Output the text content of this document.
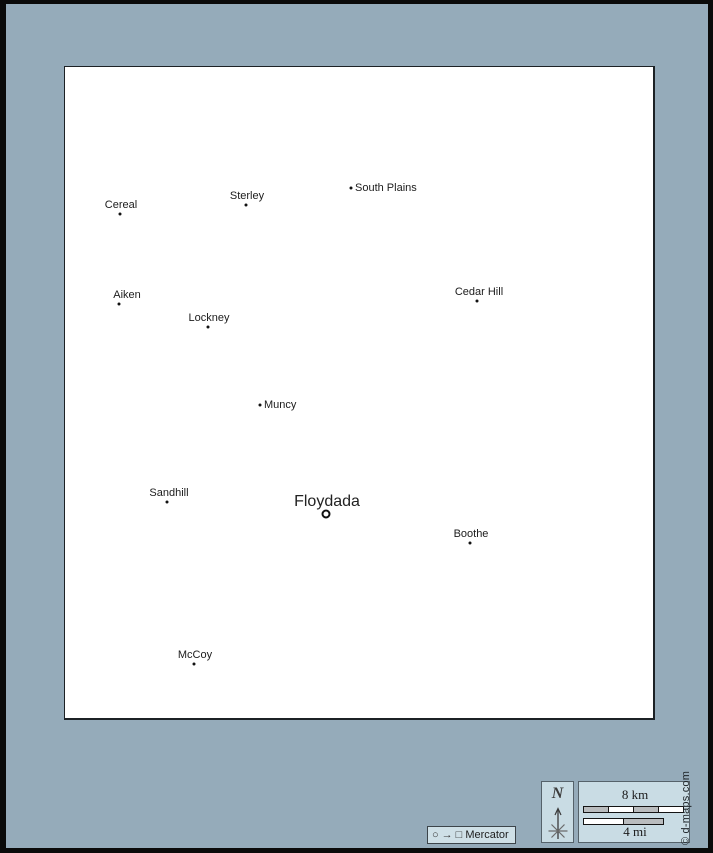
Cereal
Sterley
South Plains
Aiken
Lockney
Cedar Hill
Muncy
Sandhill	Floydada
Boothe
McCoy
N	8 km
4 mi
○ → □ Mercator	© d-maps.com
